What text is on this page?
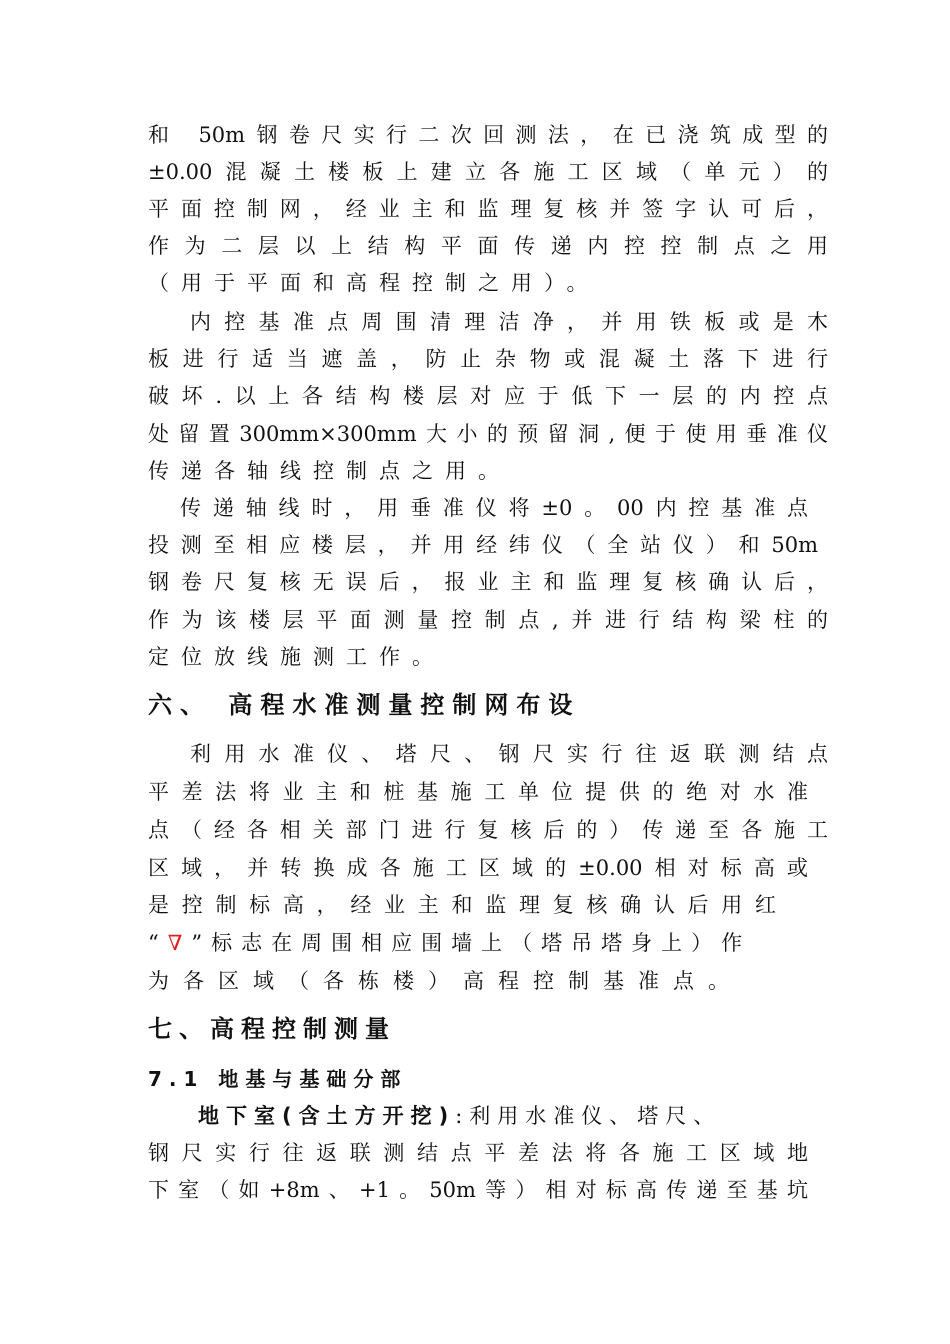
和 50m钢卷尺实行二次回测法，在已浇筑成型的
±0.00混凝土楼板上建立各施工区域（单元）的
平面控制网，经业主和监理复核并签字认可后，
作为二层以上结构平面传递内控控制点之用
（用于平面和高程控制之用）。
内控基准点周围清理洁净，并用铁板或是木
板进行适当遮盖，防止杂物或混凝土落下进行
破坏.以上各结构楼层对应于低下一层的内控点
处留置300mm×300mm大小的预留洞,便于使用垂准仪
传递各轴线控制点之用。
传递轴线时，用垂准仪将±0。00内控基准点
投测至相应楼层，并用经纬仪（全站仪）和50m
钢卷尺复核无误后，报业主和监理复核确认后，
作为该楼层平面测量控制点,并进行结构梁柱的
定位放线施测工作。
六、 高程水准测量控制网布设
利用水准仪、塔尺、钢尺实行往返联测结点
平差法将业主和桩基施工单位提供的绝对水准
点（经各相关部门进行复核后的）传递至各施工
区域，并转换成各施工区域的±0.00相对标高或
是控制标高，经业主和监理复核确认后用红
“∇”标志在周围相应围墙上（塔吊塔身上）作
为各区域（各栋楼）高程控制基准点。
七、高程控制测量
7.1 地基与基础分部
地下室(含土方开挖):利用水准仪、塔尺、
钢尺实行往返联测结点平差法将各施工区域地
下室（如+8m、+1。50m等）相对标高传递至基坑
